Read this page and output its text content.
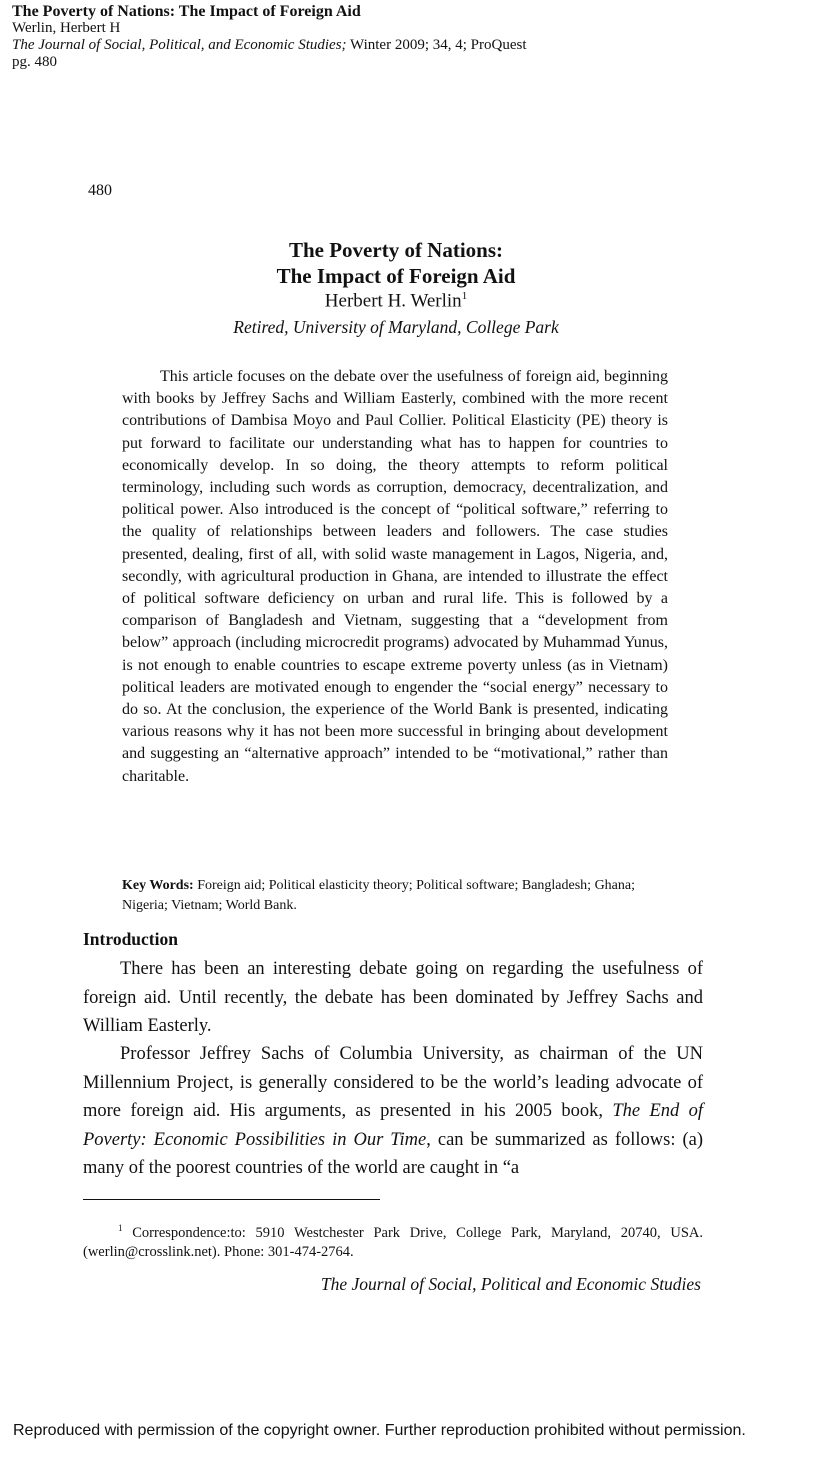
The Poverty of Nations: The Impact of Foreign Aid
Werlin, Herbert H
The Journal of Social, Political, and Economic Studies; Winter 2009; 34, 4; ProQuest
pg. 480
480
The Poverty of Nations:
The Impact of Foreign Aid
Herbert H. Werlin$^1$
Retired, University of Maryland, College Park

This article focuses on the debate over the usefulness of foreign aid, beginning with books by Jeffrey Sachs and William Easterly, combined with the more recent contributions of Dambisa Moyo and Paul Collier. Political Elasticity (PE) theory is put forward to facilitate our understanding what has to happen for countries to economically develop. In so doing, the theory attempts to reform political terminology, including such words as corruption, democracy, decentralization, and political power. Also introduced is the concept of “political software,” referring to the quality of relationships between leaders and followers. The case studies presented, dealing, first of all, with solid waste management in Lagos, Nigeria, and, secondly, with agricultural production in Ghana, are intended to illustrate the effect of political software deficiency on urban and rural life. This is followed by a comparison of Bangladesh and Vietnam, suggesting that a “development from below” approach (including microcredit programs) advocated by Muhammad Yunus, is not enough to enable countries to escape extreme poverty unless (as in Vietnam) political leaders are motivated enough to engender the “social energy” necessary to do so. At the conclusion, the experience of the World Bank is presented, indicating various reasons why it has not been more successful in bringing about development and suggesting an “alternative approach” intended to be “motivational,” rather than charitable.

Key Words: Foreign aid; Political elasticity theory; Political software; Bangladesh; Ghana; Nigeria; Vietnam; World Bank.
Introduction

There has been an interesting debate going on regarding the usefulness of foreign aid. Until recently, the debate has been dominated by Jeffrey Sachs and William Easterly.

Professor Jeffrey Sachs of Columbia University, as chairman of the UN Millennium Project, is generally considered to be the world’s leading advocate of more foreign aid. His arguments, as presented in his 2005 book, The End of Poverty: Economic Possibilities in Our Time, can be summarized as follows: (a) many of the poorest countries of the world are caught in “a

$^1$ Correspondence:to: 5910 Westchester Park Drive, College Park, Maryland, 20740, USA. (werlin@crosslink.net). Phone: 301-474-2764.
The Journal of Social, Political and Economic Studies
Reproduced with permission of the copyright owner. Further reproduction prohibited without permission.
